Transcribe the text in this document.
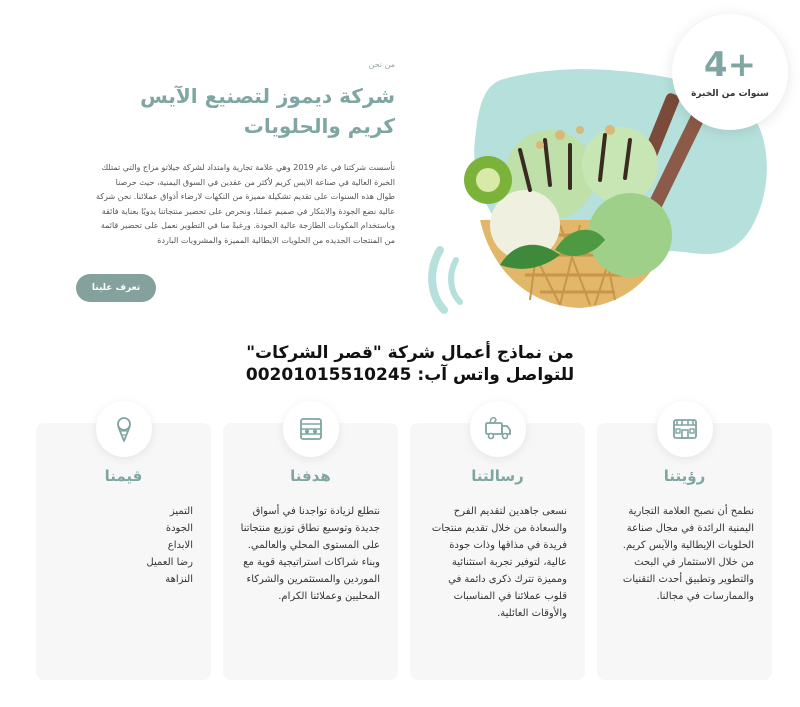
من نحن
شركة ديموز لتصنيع الآيس كريم والحلويات

تأسست شركتنا في عام 2019 وهي علامة تجارية وامتداد لشركة جيلاتو مزاج والتي تمتلك الخبرة العالية في صناعة الايس كريم لأكثر من عقدين في السوق اليمنية، حيث حرصنا طوال هذه السنوات على تقديم تشكيلة مميزة من النكهات لارضاء أذواق عملائنا. نحن شركة عالية نضع الجودة والابتكار في صميم عملنا، ونحرص على تحضير منتجاتنا يدويًا بعناية فائقة وباستخدام المكونات الطازجة عالية الجودة. ورغبةً منا في التطوير نعمل على تحضير قائمة من المنتجات الجديده من الحلويات الايطالية المميزة والمشروبات الباردة

تعرف علينا
4+
سنوات من الخبرة
من نماذج أعمال شركة "قصر الشركات"
للتواصل واتس آب: 00201015510245
رؤيتنا
نطمح أن نصبح العلامة التجارية اليمنية الرائدة في مجال صناعة الحلويات الإيطالية والآيس كريم. من خلال الاستثمار في البحث والتطوير وتطبيق أحدث التقنيات والممارسات في مجالنا.
رسالتنا
نسعى جاهدين لتقديم الفرح والسعادة من خلال تقديم منتجات فريدة في مذاقها وذات جودة عالية، لتوفير تجربة استثنائية ومميزة تترك ذكرى دائمة في قلوب عملائنا في المناسبات والأوقات العائلية.
هدفنا
نتطلع لزيادة تواجدنا في أسواق جديدة وتوسيع نطاق توزيع منتجاتنا على المستوى المحلي والعالمي. وبناء شراكات استراتيجية قوية مع الموردين والمستثمرين والشركاء المحليين وعملائنا الكرام.
قيمنا
التميز
الجودة
الابداع
رضا العميل
النزاهة
